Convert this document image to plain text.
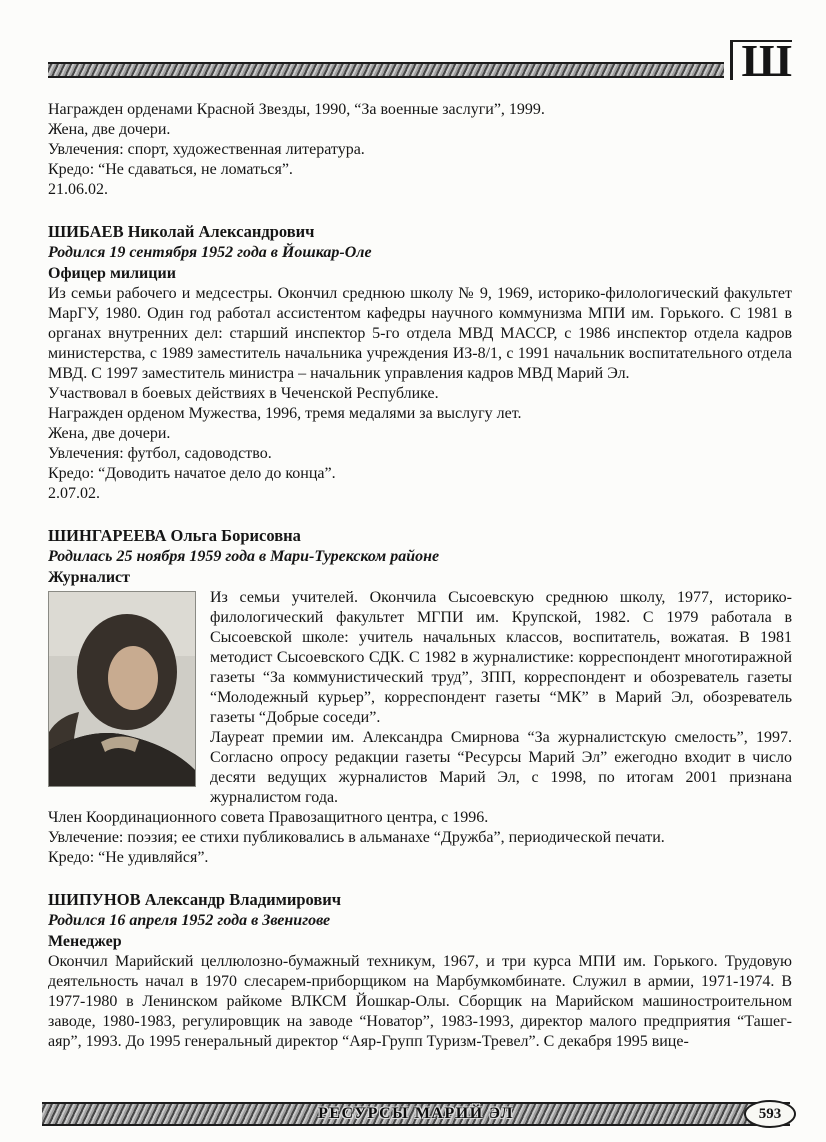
Ш

Награжден орденами Красной Звезды, 1990, “За военные заслуги”, 1999.

Жена, две дочери.

Увлечения: спорт, художественная литература.

Кредо: “Не сдаваться, не ломаться”.

21.06.02.

ШИБАЕВ Николай Александрович

Родился 19 сентября 1952 года в Йошкар-Оле

Офицер милиции

Из семьи рабочего и медсестры. Окончил среднюю школу № 9, 1969, историко-филологический факультет МарГУ, 1980. Один год работал ассистентом кафедры научного коммунизма МПИ им. Горького. С 1981 в органах внутренних дел: старший инспектор 5-го отдела МВД МАССР, с 1986 инспектор отдела кадров министерства, с 1989 заместитель начальника учреждения ИЗ-8/1, с 1991 начальник воспитательного отдела МВД. С 1997 заместитель министра – начальник управления кадров МВД Марий Эл.

Участвовал в боевых действиях в Чеченской Республике.

Награжден орденом Мужества, 1996, тремя медалями за выслугу лет.

Жена, две дочери.

Увлечения: футбол, садоводство.

Кредо: “Доводить начатое дело до конца”.

2.07.02.

ШИНГАРЕЕВА Ольга Борисовна

Родилась 25 ноября 1959 года в Мари-Турекском районе

Журналист

Из семьи учителей. Окончила Сысоевскую среднюю школу, 1977, историко-филологический факультет МГПИ им. Крупской, 1982. С 1979 работала в Сысоевской школе: учитель начальных классов, воспитатель, вожатая. В 1981 методист Сысоевского СДК. С 1982 в журналистике: корреспондент многотиражной газеты “За коммунистический труд”, ЗПП, корреспондент и обозреватель газеты “Молодежный курьер”, корреспондент газеты “МК” в Марий Эл, обозреватель газеты “Добрые соседи”.

Лауреат премии им. Александра Смирнова “За журналистскую смелость”, 1997. Согласно опросу редакции газеты “Ресурсы Марий Эл” ежегодно входит в число десяти ведущих журналистов Марий Эл, с 1998, по итогам 2001 признана журналистом года.

Член Координационного совета Правозащитного центра, с 1996.

Увлечение: поэзия; ее стихи публиковались в альманахе “Дружба”, периодической печати.

Кредо: “Не удивляйся”.

ШИПУНОВ Александр Владимирович

Родился 16 апреля 1952 года в Звенигове

Менеджер

Окончил Марийский целлюлозно-бумажный техникум, 1967, и три курса МПИ им. Горького. Трудовую деятельность начал в 1970 слесарем-приборщиком на Марбумкомбинате. Служил в армии, 1971-1974. В 1977-1980 в Ленинском райкоме ВЛКСМ Йошкар-Олы. Сборщик на Марийском машиностроительном заводе, 1980-1983, регулировщик на заводе “Новатор”, 1983-1993, директор малого предприятия “Ташег-аяр”, 1993. До 1995 генеральный директор “Аяр-Групп Туризм-Тревел”. С декабря 1995 вице-

РЕСУРСЫ МАРИЙ ЭЛ	593
